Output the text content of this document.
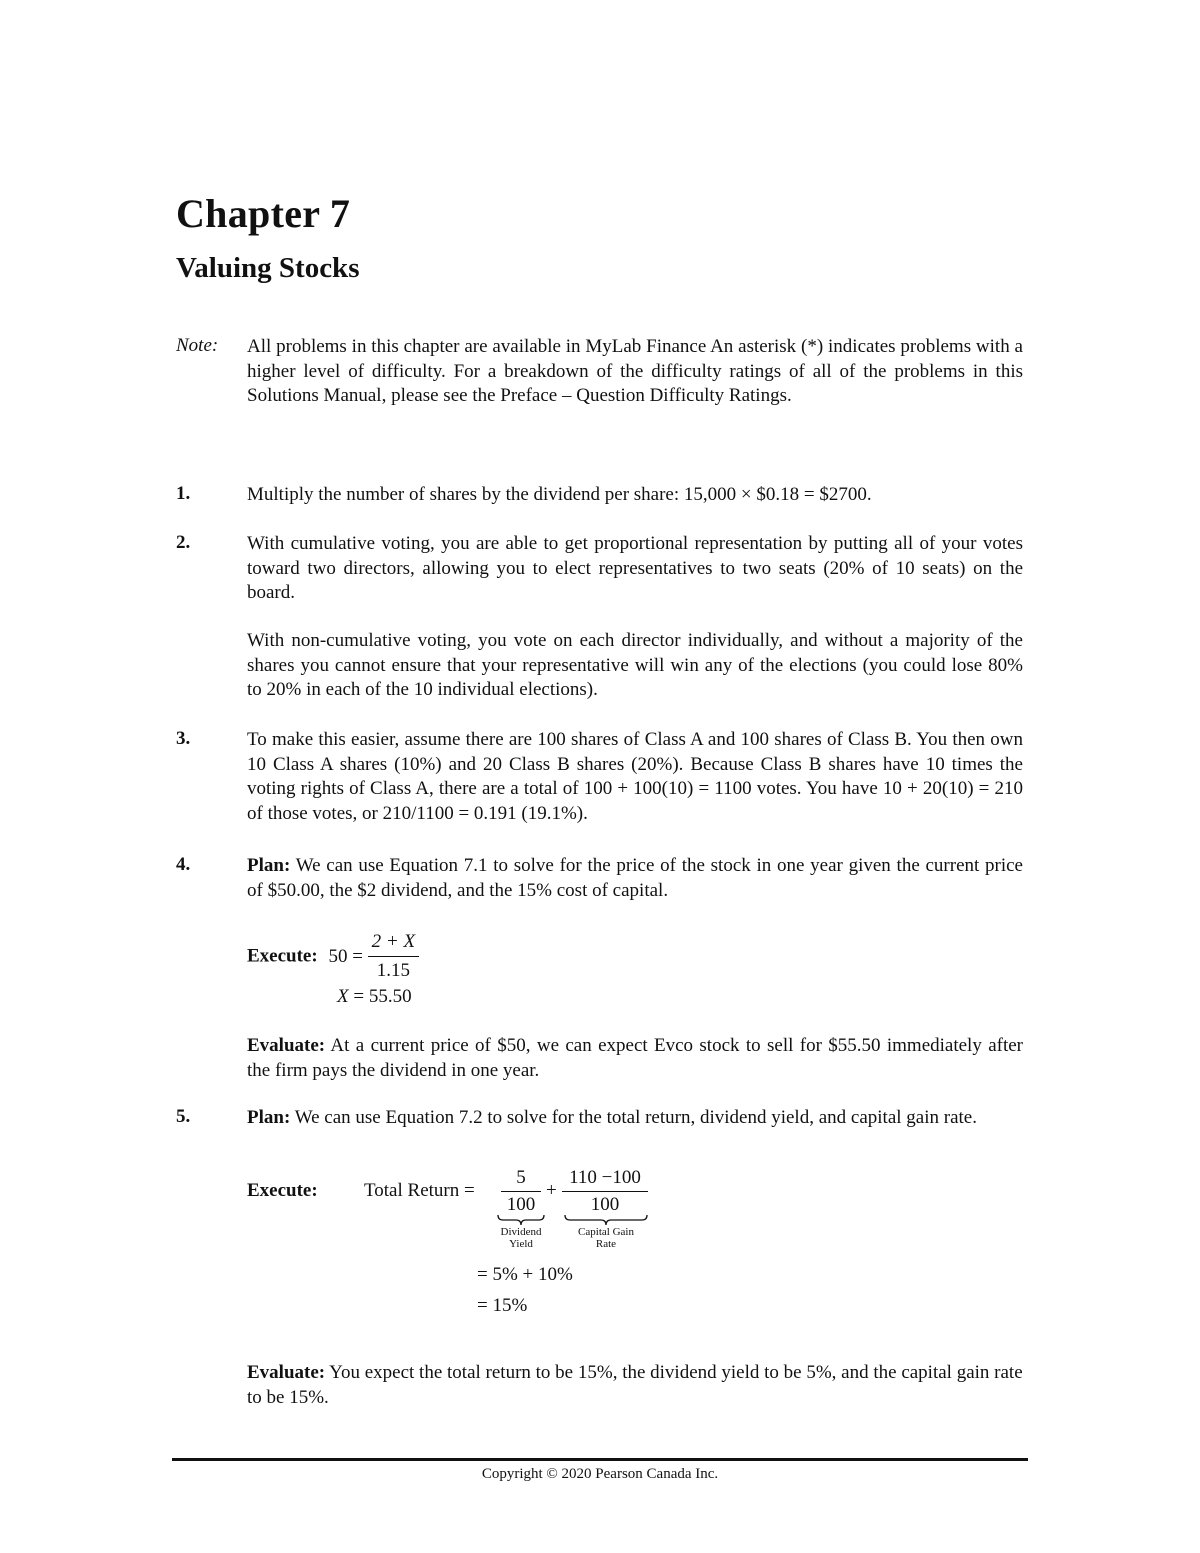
Chapter 7
Valuing Stocks
Note: All problems in this chapter are available in MyLab Finance An asterisk (*) indicates problems with a higher level of difficulty. For a breakdown of the difficulty ratings of all of the problems in this Solutions Manual, please see the Preface – Question Difficulty Ratings.
1.	Multiply the number of shares by the dividend per share: 15,000 × $0.18 = $2700.
2.	With cumulative voting, you are able to get proportional representation by putting all of your votes toward two directors, allowing you to elect representatives to two seats (20% of 10 seats) on the board.
With non-cumulative voting, you vote on each director individually, and without a majority of the shares you cannot ensure that your representative will win any of the elections (you could lose 80% to 20% in each of the 10 individual elections).
3.	To make this easier, assume there are 100 shares of Class A and 100 shares of Class B. You then own 10 Class A shares (10%) and 20 Class B shares (20%). Because Class B shares have 10 times the voting rights of Class A, there are a total of 100 + 100(10) = 1100 votes. You have 10 + 20(10) = 210 of those votes, or 210/1100 = 0.191 (19.1%).
4.	Plan: We can use Equation 7.1 to solve for the price of the stock in one year given the current price of $50.00, the $2 dividend, and the 15% cost of capital.
Execute: $50 = \frac{2 + X}{1.15}$
X = 55.50
Evaluate: At a current price of $50, we can expect Evco stock to sell for $55.50 immediately after the firm pays the dividend in one year.
5.	Plan: We can use Equation 7.2 to solve for the total return, dividend yield, and capital gain rate.
Execute: Total Return = $\frac{5}{100} + \frac{110 -100}{100}$
Dividend
Yield
Capital Gain
Rate
= 5% + 10%
= 15%
Evaluate: You expect the total return to be 15%, the dividend yield to be 5%, and the capital gain rate to be 15%.
Copyright © 2020 Pearson Canada Inc.
